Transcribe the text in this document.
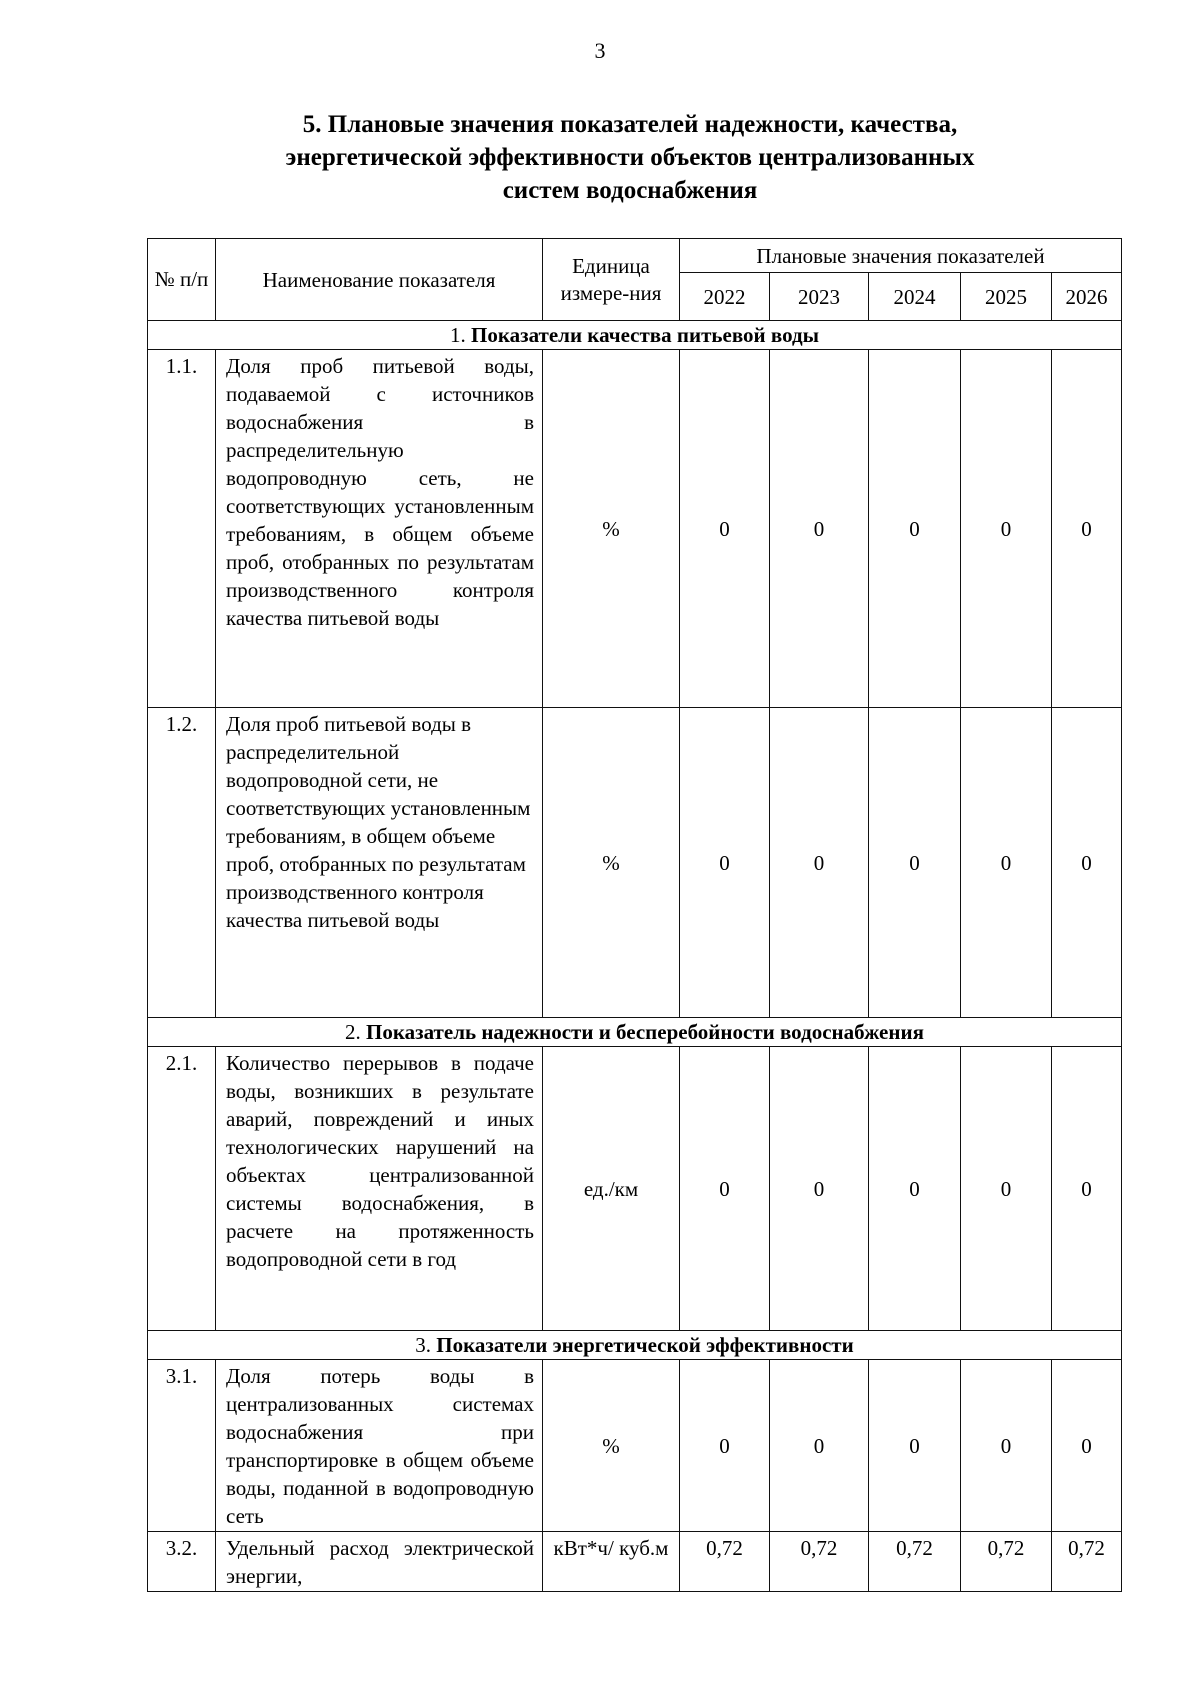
3
5. Плановые значения показателей надежности, качества,
энергетической эффективности объектов централизованных
систем водоснабжения
№ п/п	Наименование показателя	Единица измере-ния	Плановые значения показателей				
			2022	2023	2024	2025	2026
1. Показатели качества питьевой воды							
1.1.	Доля проб питьевой воды, подаваемой с источников водоснабжения в распределительную водопроводную сеть, не соответствующих установленным требованиям, в общем объеме проб, отобранных по результатам производственного контроля качества питьевой воды	%	0	0	0	0	0
1.2.	Доля проб питьевой воды в распределительной водопроводной сети, не соответствующих установленным требованиям, в общем объеме проб, отобранных по результатам производственного контроля качества питьевой воды	%	0	0	0	0	0
2. Показатель надежности и бесперебойности водоснабжения							
2.1.	Количество перерывов в подаче воды, возникших в результате аварий, повреждений и иных технологических нарушений на объектах централизованной системы водоснабжения, в расчете на протяженность водопроводной сети в год	ед./км	0	0	0	0	0
3. Показатели энергетической эффективности							
3.1.	Доля потерь воды в централизованных системах водоснабжения при транспортировке в общем объеме воды, поданной в водопроводную сеть	%	0	0	0	0	0
3.2.	Удельный расход электрической энергии,	кВт*ч/ куб.м	0,72	0,72	0,72	0,72	0,72
